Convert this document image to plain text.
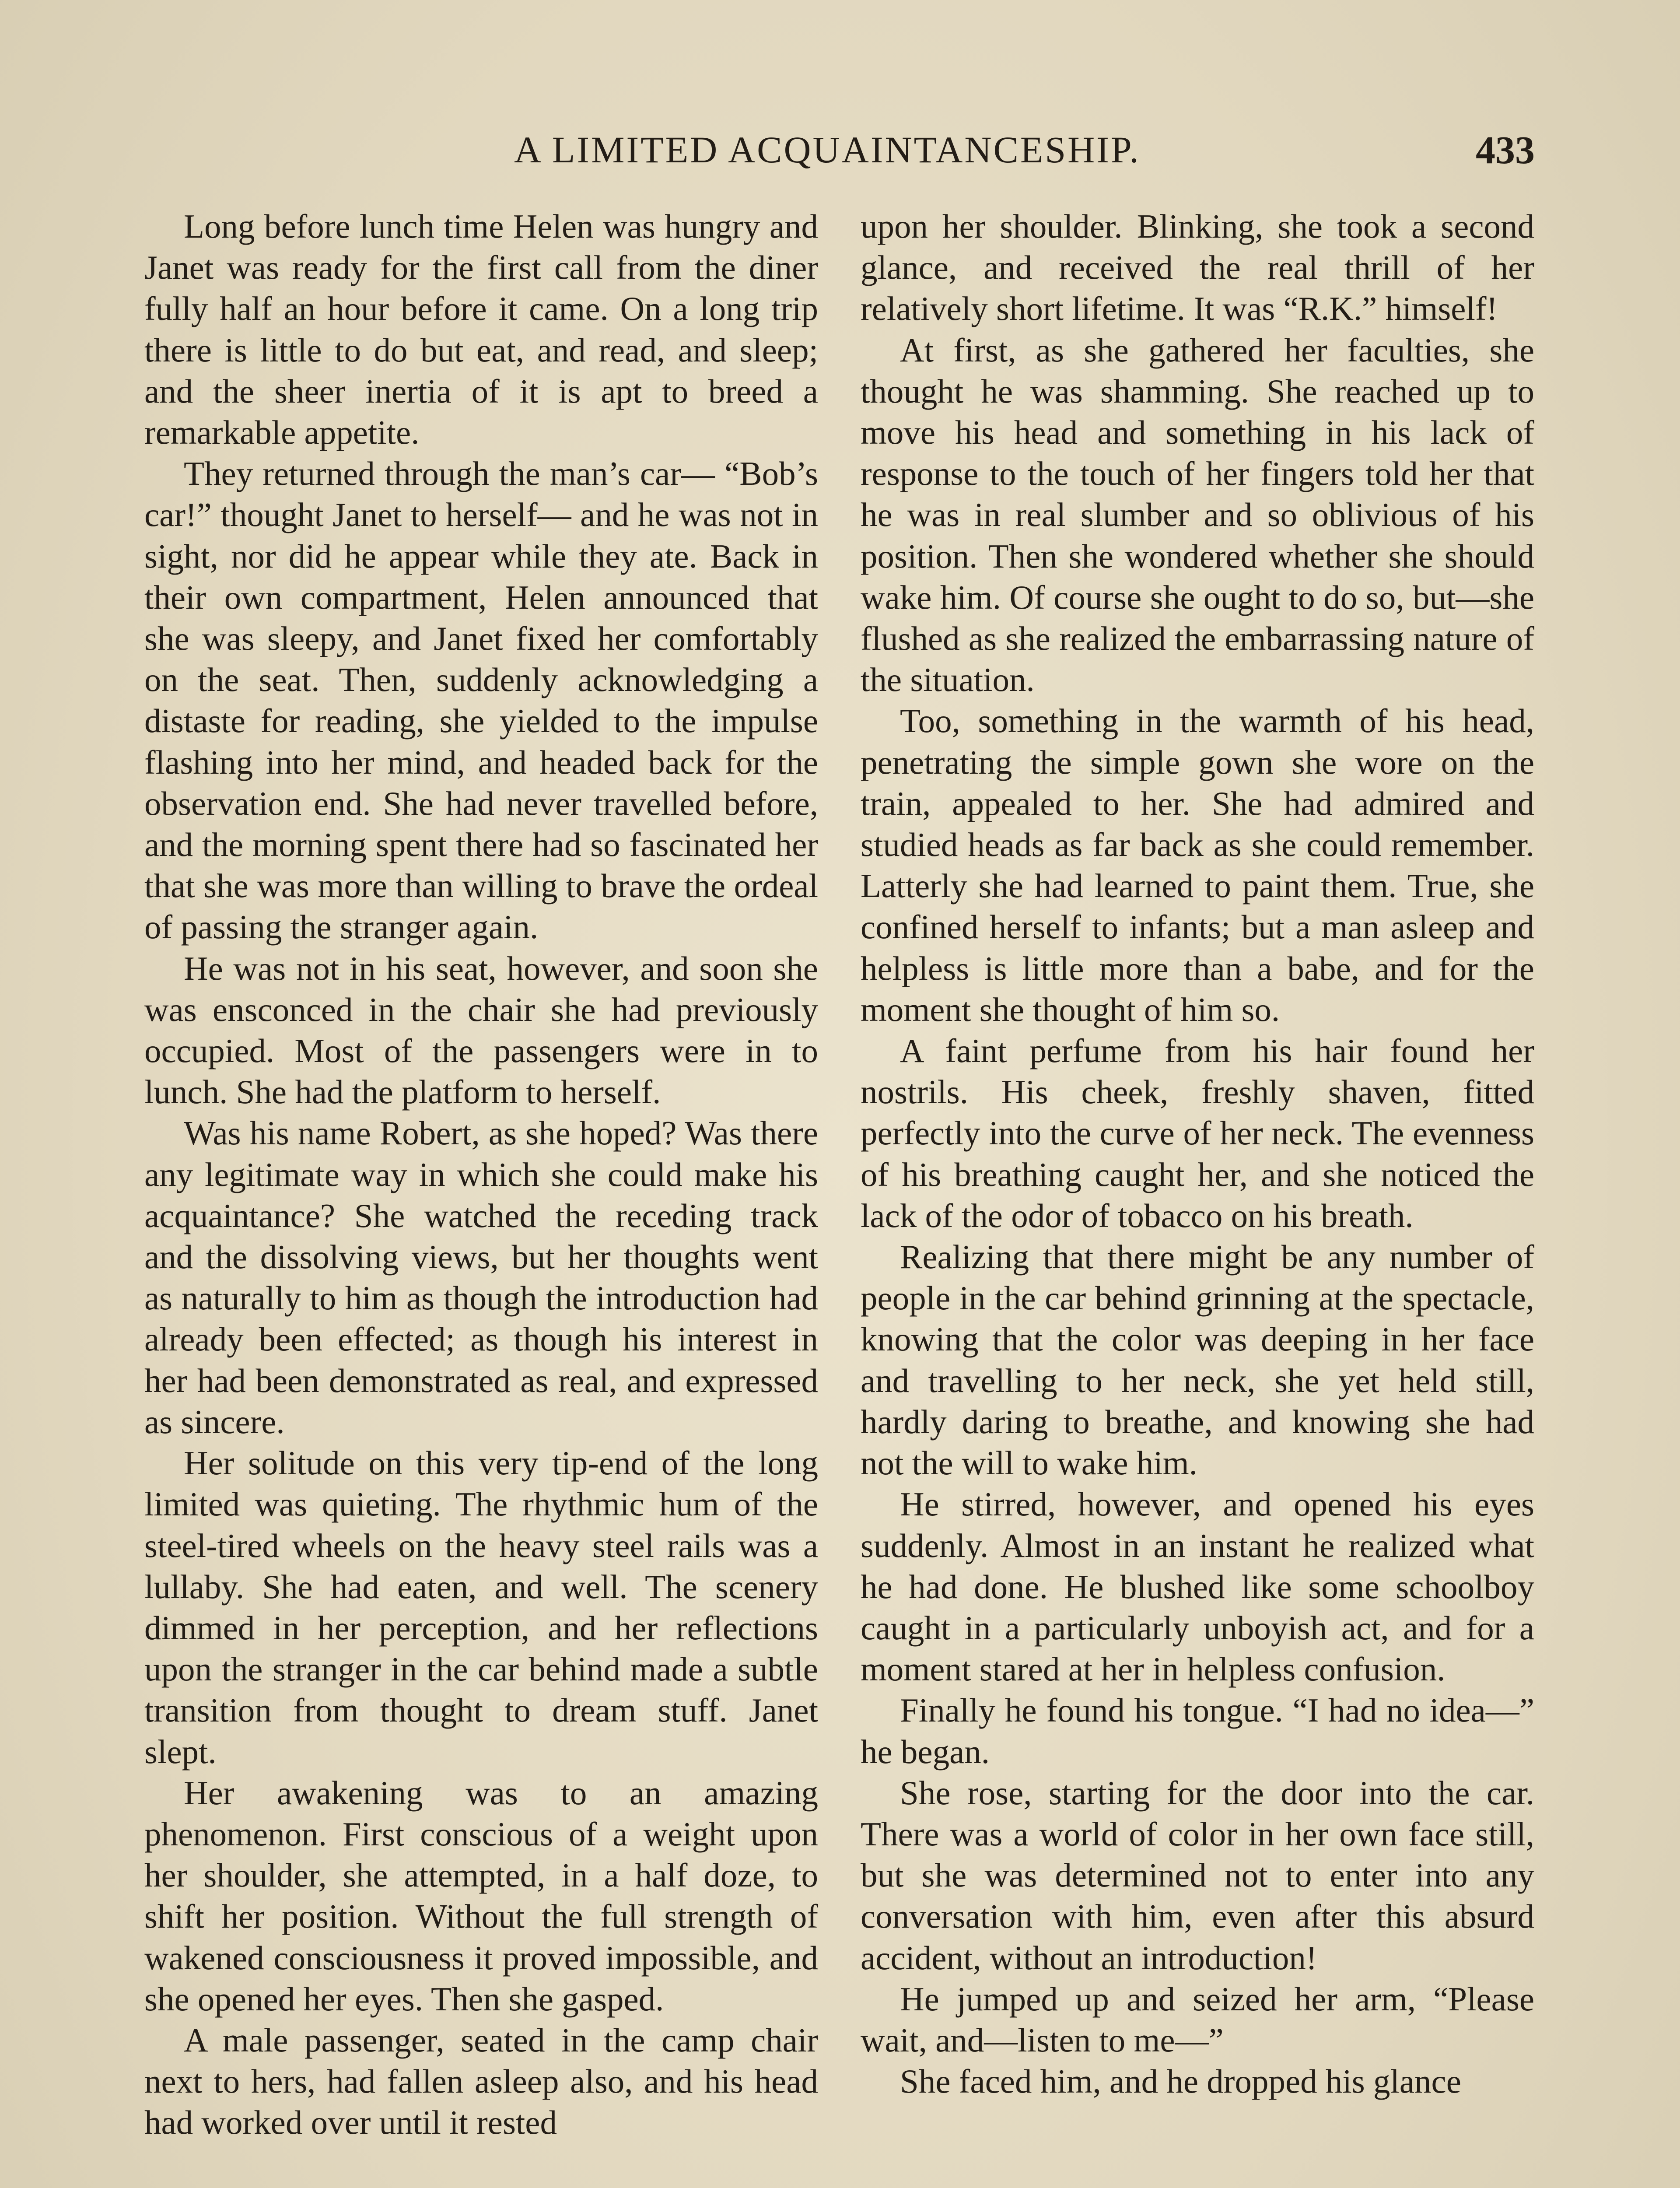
A LIMITED ACQUAINTANCESHIP.	433

Long before lunch time Helen was hungry and Janet was ready for the first call from the diner fully half an hour before it came. On a long trip there is little to do but eat, and read, and sleep; and the sheer inertia of it is apt to breed a remarkable appetite.

They returned through the man’s car— “Bob’s car!” thought Janet to herself— and he was not in sight, nor did he appear while they ate. Back in their own compartment, Helen announced that she was sleepy, and Janet fixed her comfortably on the seat. Then, suddenly acknowledging a distaste for reading, she yielded to the impulse flashing into her mind, and headed back for the observation end. She had never travelled before, and the morning spent there had so fascinated her that she was more than willing to brave the ordeal of passing the stranger again.

He was not in his seat, however, and soon she was ensconced in the chair she had previously occupied. Most of the passengers were in to lunch. She had the platform to herself.

Was his name Robert, as she hoped? Was there any legitimate way in which she could make his acquaintance? She watched the receding track and the dissolving views, but her thoughts went as naturally to him as though the introduction had already been effected; as though his interest in her had been demonstrated as real, and expressed as sincere.

Her solitude on this very tip-end of the long limited was quieting. The rhythmic hum of the steel-tired wheels on the heavy steel rails was a lullaby. She had eaten, and well. The scenery dimmed in her perception, and her reflections upon the stranger in the car behind made a subtle transition from thought to dream stuff. Janet slept.

Her awakening was to an amazing phenomenon. First conscious of a weight upon her shoulder, she attempted, in a half doze, to shift her position. Without the full strength of wakened consciousness it proved impossible, and she opened her eyes. Then she gasped.

A male passenger, seated in the camp chair next to hers, had fallen asleep also, and his head had worked over until it rested

upon her shoulder. Blinking, she took a second glance, and received the real thrill of her relatively short lifetime. It was “R.K.” himself!

At first, as she gathered her faculties, she thought he was shamming. She reached up to move his head and something in his lack of response to the touch of her fingers told her that he was in real slumber and so oblivious of his position. Then she wondered whether she should wake him. Of course she ought to do so, but—she flushed as she realized the embarrassing nature of the situation.

Too, something in the warmth of his head, penetrating the simple gown she wore on the train, appealed to her. She had admired and studied heads as far back as she could remember. Latterly she had learned to paint them. True, she confined herself to infants; but a man asleep and helpless is little more than a babe, and for the moment she thought of him so.

A faint perfume from his hair found her nostrils. His cheek, freshly shaven, fitted perfectly into the curve of her neck. The evenness of his breathing caught her, and she noticed the lack of the odor of tobacco on his breath.

Realizing that there might be any number of people in the car behind grinning at the spectacle, knowing that the color was deeping in her face and travelling to her neck, she yet held still, hardly daring to breathe, and knowing she had not the will to wake him.

He stirred, however, and opened his eyes suddenly. Almost in an instant he realized what he had done. He blushed like some schoolboy caught in a particularly unboyish act, and for a moment stared at her in helpless confusion.

Finally he found his tongue. “I had no idea—” he began.

She rose, starting for the door into the car. There was a world of color in her own face still, but she was determined not to enter into any conversation with him, even after this absurd accident, without an introduction!

He jumped up and seized her arm, “Please wait, and—listen to me—”

She faced him, and he dropped his glance
